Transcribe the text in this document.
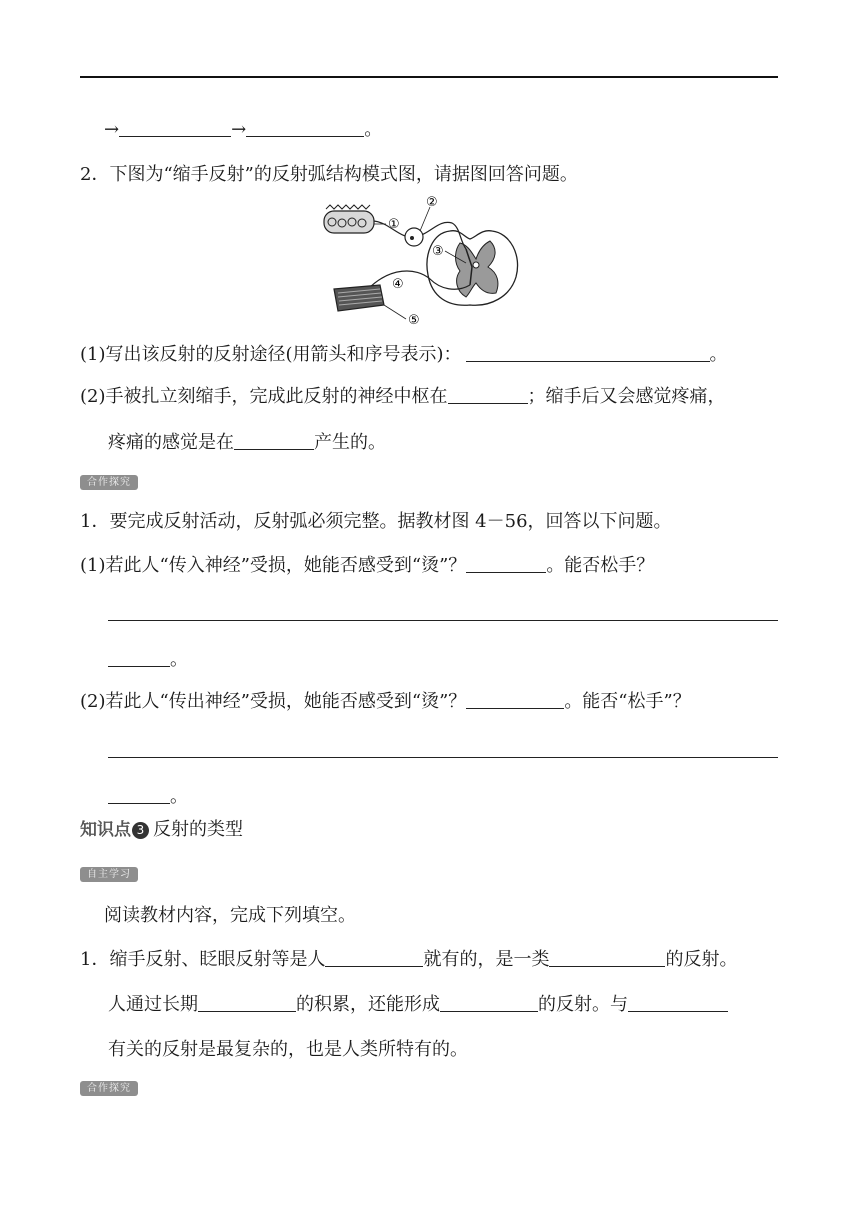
→	→	。
2．下图为“缩手反射”的反射弧结构模式图，请据图回答问题。
①
②
③
④
⑤
(1)写出该反射的反射途径(用箭头和序号表示)：	。
(2)手被扎立刻缩手，完成此反射的神经中枢在	；缩手后又会感觉疼痛，
疼痛的感觉是在	产生的。
合作探究
1．要完成反射活动，反射弧必须完整。据教材图 4－56，回答以下问题。
(1)若此人“传入神经”受损，她能否感受到“烫”？	。能否松手？
。
(2)若此人“传出神经”受损，她能否感受到“烫”？	。能否“松手”？
。
知识点 3 反射的类型
自主学习
阅读教材内容，完成下列填空。
1．缩手反射、眨眼反射等是人	就有的，是一类	的反射。
人通过长期	的积累，还能形成	的反射。与
有关的反射是最复杂的，也是人类所特有的。
合作探究
